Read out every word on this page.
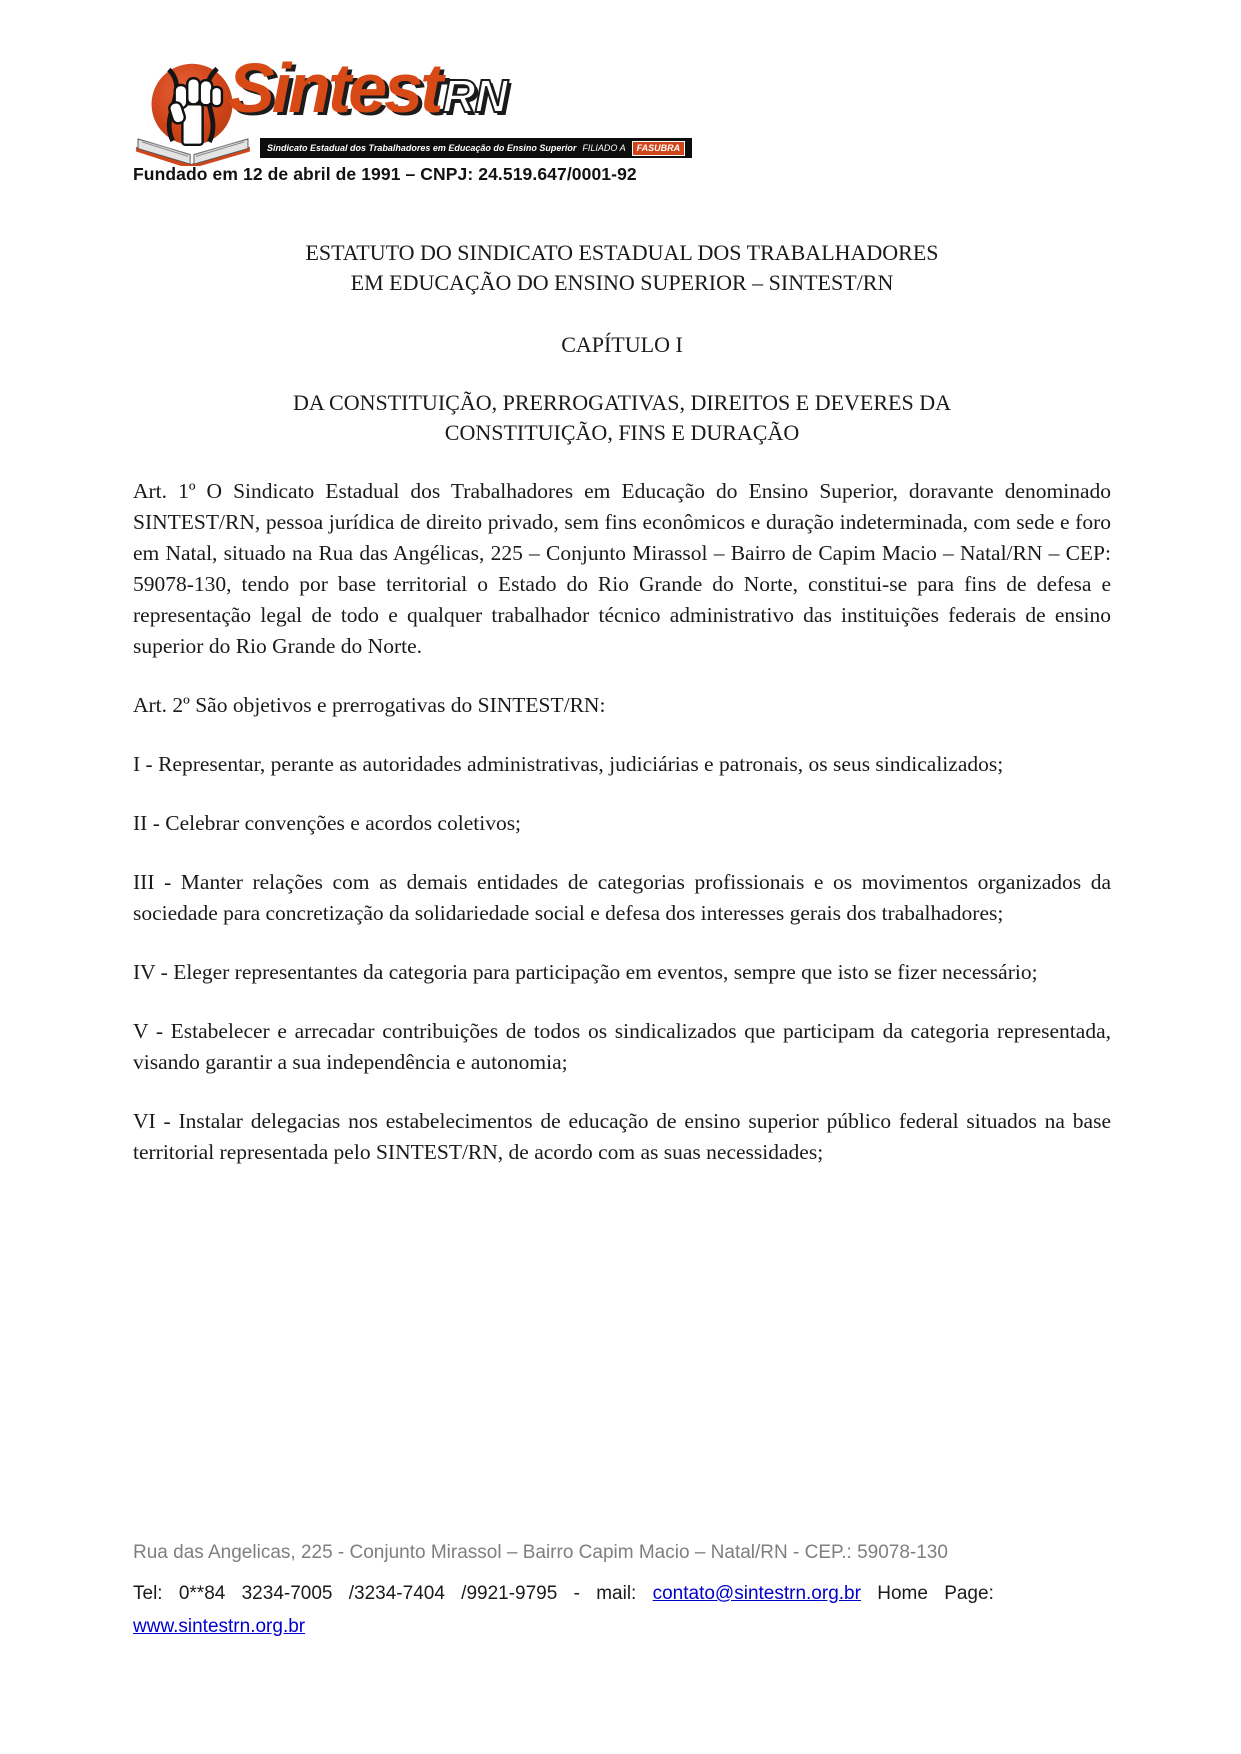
SintestRN
Sindicato Estadual dos Trabalhadores em Educação do Ensino Superior FILIADO A	FASUBRA
Fundado em 12 de abril de 1991 – CNPJ: 24.519.647/0001-92
ESTATUTO DO SINDICATO ESTADUAL DOS TRABALHADORES
EM EDUCAÇÃO DO ENSINO SUPERIOR – SINTEST/RN
CAPÍTULO I
DA CONSTITUIÇÃO, PRERROGATIVAS, DIREITOS E DEVERES DA
CONSTITUIÇÃO, FINS E DURAÇÃO

Art. 1º O Sindicato Estadual dos Trabalhadores em Educação do Ensino Superior, doravante denominado SINTEST/RN, pessoa jurídica de direito privado, sem fins econômicos e duração indeterminada, com sede e foro em Natal, situado na Rua das Angélicas, 225 – Conjunto Mirassol – Bairro de Capim Macio – Natal/RN – CEP: 59078-130, tendo por base territorial o Estado do Rio Grande do Norte, constitui-se para fins de defesa e representação legal de todo e qualquer trabalhador técnico administrativo das instituições federais de ensino superior do Rio Grande do Norte.

Art. 2º São objetivos e prerrogativas do SINTEST/RN:

I - Representar, perante as autoridades administrativas, judiciárias e patronais, os seus sindicalizados;

II - Celebrar convenções e acordos coletivos;

III - Manter relações com as demais entidades de categorias profissionais e os movimentos organizados da sociedade para concretização da solidariedade social e defesa dos interesses gerais dos trabalhadores;

IV - Eleger representantes da categoria para participação em eventos, sempre que isto se fizer necessário;

V - Estabelecer e arrecadar contribuições de todos os sindicalizados que participam da categoria representada, visando garantir a sua independência e autonomia;

VI - Instalar delegacias nos estabelecimentos de educação de ensino superior público federal situados na base territorial representada pelo SINTEST/RN, de acordo com as suas necessidades;

Rua das Angelicas, 225 - Conjunto Mirassol – Bairro Capim Macio – Natal/RN - CEP.: 59078-130
Tel: 0**84 3234-7005 /3234-7404 /9921-9795 - mail: contato@sintestrn.org.br Home Page:
www.sintestrn.org.br
